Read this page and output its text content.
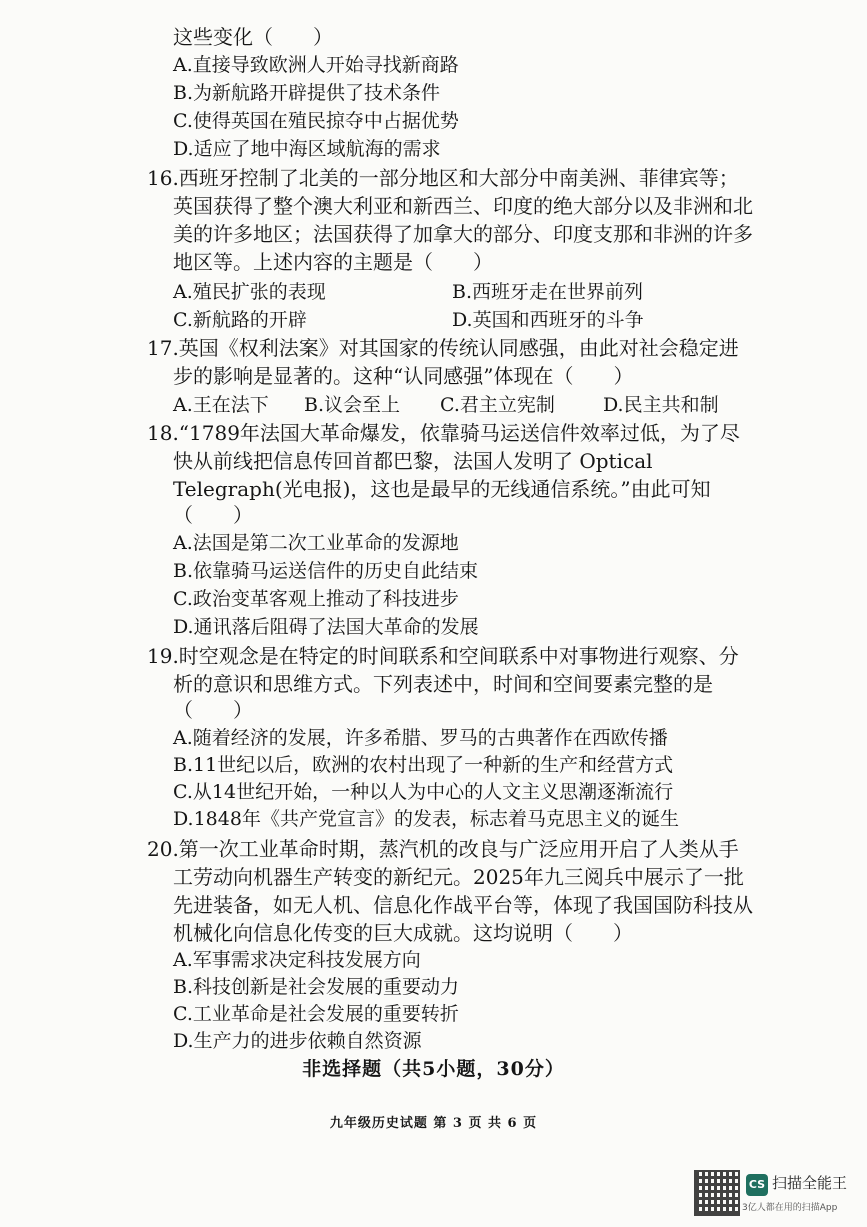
这些变化（　　）
A.直接导致欧洲人开始寻找新商路
B.为新航路开辟提供了技术条件
C.使得英国在殖民掠夺中占据优势
D.适应了地中海区域航海的需求
16.西班牙控制了北美的一部分地区和大部分中南美洲、菲律宾等；
英国获得了整个澳大利亚和新西兰、印度的绝大部分以及非洲和北
美的许多地区；法国获得了加拿大的部分、印度支那和非洲的许多
地区等。上述内容的主题是（　　）
A.殖民扩张的表现	B.西班牙走在世界前列
C.新航路的开辟	D.英国和西班牙的斗争
17.英国《权利法案》对其国家的传统认同感强，由此对社会稳定进
步的影响是显著的。这种“认同感强”体现在（　　）
A.王在法下 B.议会至上 C.君主立宪制	D.民主共和制
18.“1789年法国大革命爆发，依靠骑马运送信件效率过低，为了尽
快从前线把信息传回首都巴黎，法国人发明了 Optical
Telegraph(光电报)，这也是最早的无线通信系统。”由此可知
（　　）
A.法国是第二次工业革命的发源地
B.依靠骑马运送信件的历史自此结束
C.政治变革客观上推动了科技进步
D.通讯落后阻碍了法国大革命的发展
19.时空观念是在特定的时间联系和空间联系中对事物进行观察、分
析的意识和思维方式。下列表述中，时间和空间要素完整的是
（　　）
A.随着经济的发展，许多希腊、罗马的古典著作在西欧传播
B.11世纪以后，欧洲的农村出现了一种新的生产和经营方式
C.从14世纪开始，一种以人为中心的人文主义思潮逐渐流行
D.1848年《共产党宣言》的发表，标志着马克思主义的诞生
20.第一次工业革命时期，蒸汽机的改良与广泛应用开启了人类从手
工劳动向机器生产转变的新纪元。2025年九三阅兵中展示了一批
先进装备，如无人机、信息化作战平台等，体现了我国国防科技从
机械化向信息化传变的巨大成就。这均说明（　　）
A.军事需求决定科技发展方向
B.科技创新是社会发展的重要动力
C.工业革命是社会发展的重要转折
D.生产力的进步依赖自然资源
非选择题（共5小题，30分）
九年级历史试题 第 3 页 共 6 页
CS 扫描全能王
3亿人都在用的扫描App
